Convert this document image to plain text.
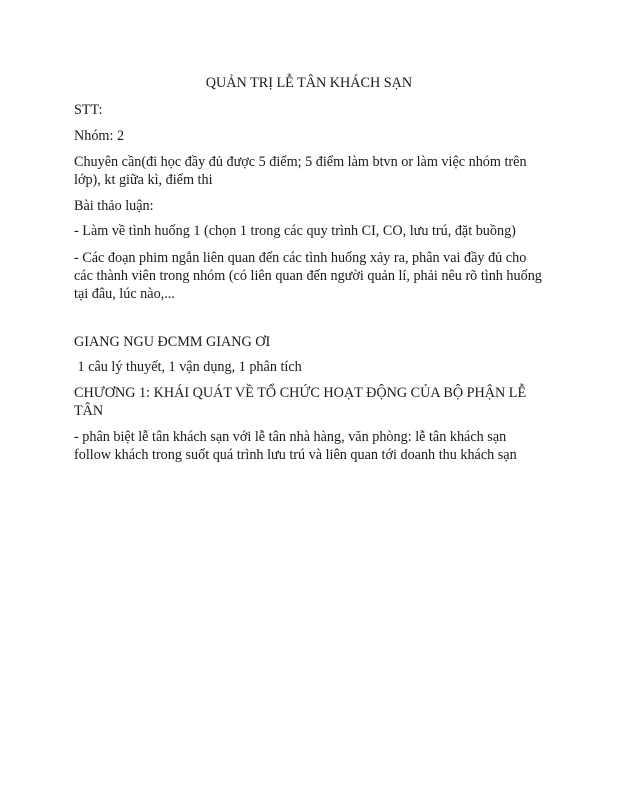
QUẢN TRỊ LỄ TÂN KHÁCH SẠN

STT:

Nhóm: 2

Chuyên cần(đi học đầy đủ được 5 điểm; 5 điểm làm btvn or làm việc nhóm trên lớp), kt giữa kì, điểm thi

Bài thảo luận:

- Làm về tình huống 1 (chọn 1 trong các quy trình CI, CO, lưu trú, đặt buồng)

- Các đoạn phim ngắn liên quan đến các tình huống xảy ra, phân vai đầy đủ cho các thành viên trong nhóm (có liên quan đến người quản lí, phải nêu rõ tình huống tại đâu, lúc nào,...

GIANG NGU ĐCMM GIANG ƠI

1 câu lý thuyết, 1 vận dụng, 1 phân tích

CHƯƠNG 1: KHÁI QUÁT VỀ TỔ CHỨC HOẠT ĐỘNG CỦA BỘ PHẬN LỄ TÂN

- phân biệt lễ tân khách sạn với lễ tân nhà hàng, văn phòng: lễ tân khách sạn follow khách trong suốt quá trình lưu trú và liên quan tới doanh thu khách sạn
